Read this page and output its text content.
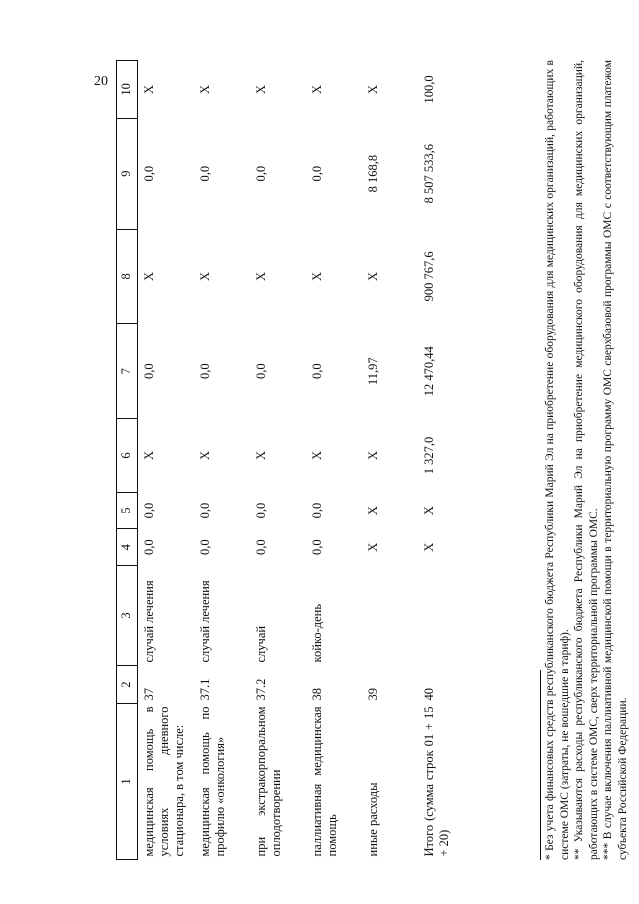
20
1	2	3	4	5	6	7	8	9	10
медицинская помощь в условиях дневного стационара, в том числе:	37	случай лечения	0,0	0,0	X	0,0	X	0,0	X
медицинская помощь по профилю «онкология»	37.1	случай лечения	0,0	0,0	X	0,0	X	0,0	X
при экстракорпоральном оплодотворении	37.2	случай	0,0	0,0	X	0,0	X	0,0	X
паллиативная медицинская помощь	38	койко-день	0,0	0,0	X	0,0	X	0,0	X
иные расходы	39		X	X	X	11,97	X	8 168,8	X
Итого (сумма строк 01 + 15 + 20)	40		X	X	1 327,0	12 470,44	900 767,6	8 507 533,6	100,0	* Без учета финансовых средств республиканского бюджета Республики Марий Эл на приобретение оборудования для медицинских организаций, работающих в системе ОМС (затраты, не вошедшие в тариф). ** Указываются расходы республиканского бюджета Республики Марий Эл на приобретение медицинского оборудования для медицинских организаций, работающих в системе ОМС, сверх территориальной программы ОМС. *** В случае включения паллиативной медицинской помощи в территориальную программу ОМС сверхбазовой программы ОМС с соответствующим платежом субъекта Российской Федерации.
